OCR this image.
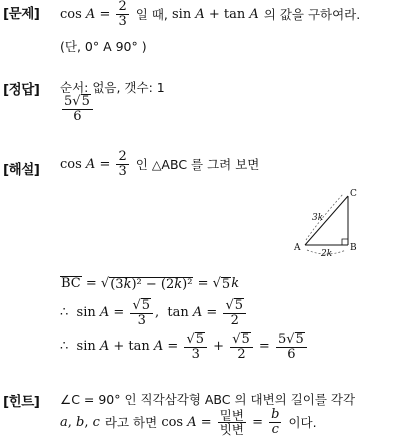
[문제] $\cos A = \frac{2}{3}$ 일 때, sin A + tan A 의 값을 구하여라.
(단, 0° A 90° )
[정답] 순서: 없음, 갯수: 1
$\frac{5√ 5}{6}$
[해설] $\cos A = \frac{2}{3}$ 인 △ABC 를 그려 보면
C
A	B
3k
2k
BC = √ (3k)² − (2k)² = √ 5 k
∴  $\sin A = \frac{√ 5}{3}$ ,  $\tan A = \frac{√ 5}{2}$
∴  $\sin A + \tan A = \frac{√ 5}{3} + \frac{√ 5}{2} = \frac{5√ 5}{6}$
[힌트] ∠C = 90° 인 직각삼각형 ABC 의 대변의 길이를 각각
a , b , c 라고 하면 $\cos A = \frac{\text{밑변}}{\text{빗변}} = \frac{b}{c}$ 이다.
